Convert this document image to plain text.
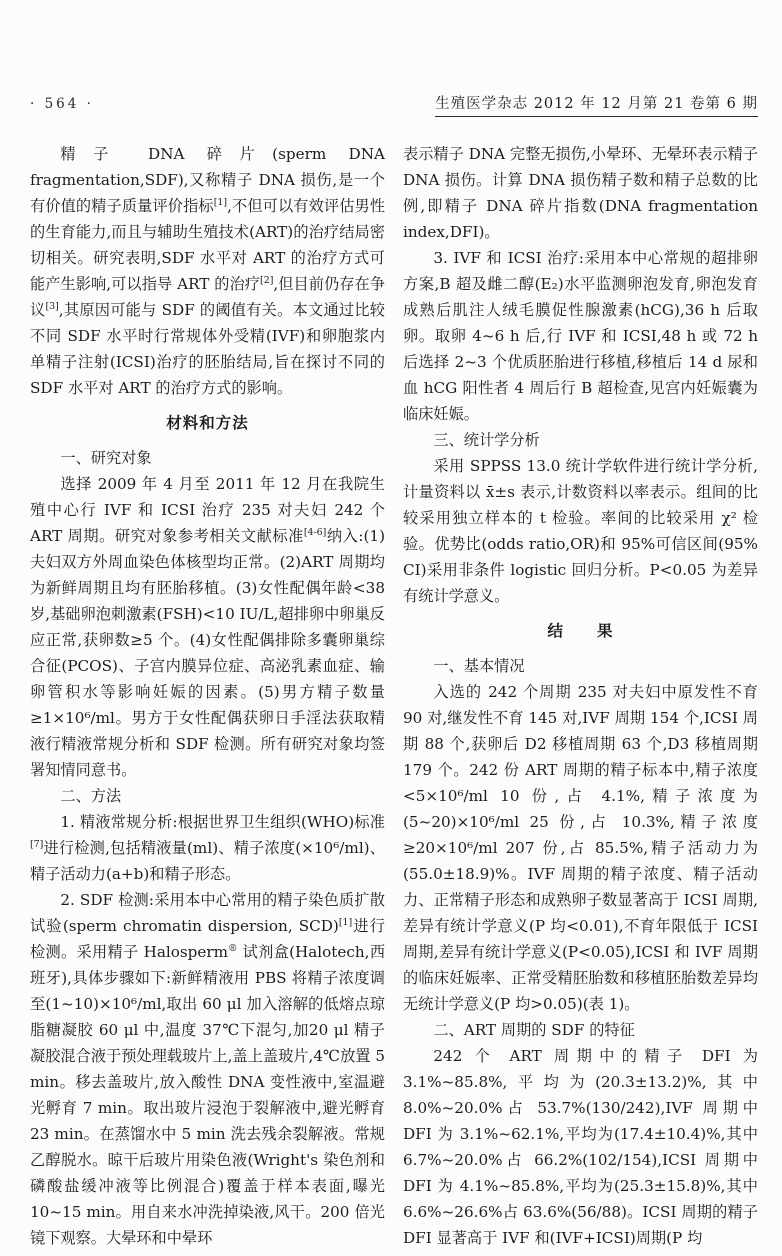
· 564 ·	生殖医学杂志 2012 年 12 月第 21 卷第 6 期

精子 DNA 碎片(sperm DNA fragmentation,SDF),又称精子 DNA 损伤,是一个有价值的精子质量评价指标[1],不但可以有效评估男性的生育能力,而且与辅助生殖技术(ART)的治疗结局密切相关。研究表明,SDF 水平对 ART 的治疗方式可能产生影响,可以指导 ART 的治疗[2],但目前仍存在争议[3],其原因可能与 SDF 的阈值有关。本文通过比较不同 SDF 水平时行常规体外受精(IVF)和卵胞浆内单精子注射(ICSI)治疗的胚胎结局,旨在探讨不同的 SDF 水平对 ART 的治疗方式的影响。

材料和方法

一、研究对象

选择 2009 年 4 月至 2011 年 12 月在我院生殖中心行 IVF 和 ICSI 治疗 235 对夫妇 242 个 ART 周期。研究对象参考相关文献标准[4-6]纳入:(1)夫妇双方外周血染色体核型均正常。(2)ART 周期均为新鲜周期且均有胚胎移植。(3)女性配偶年龄<38 岁,基础卵泡刺激素(FSH)<10 IU/L,超排卵中卵巢反应正常,获卵数≥5 个。(4)女性配偶排除多囊卵巢综合征(PCOS)、子宫内膜异位症、高泌乳素血症、输卵管积水等影响妊娠的因素。(5)男方精子数量≥1×10⁶/ml。男方于女性配偶获卵日手淫法获取精液行精液常规分析和 SDF 检测。所有研究对象均签署知情同意书。

二、方法

1. 精液常规分析:根据世界卫生组织(WHO)标准[7]进行检测,包括精液量(ml)、精子浓度(×10⁶/ml)、精子活动力(a+b)和精子形态。

2. SDF 检测:采用本中心常用的精子染色质扩散试验(sperm chromatin dispersion, SCD)[1]进行检测。采用精子 Halosperm® 试剂盒(Halotech,西班牙),具体步骤如下:新鲜精液用 PBS 将精子浓度调至(1~10)×10⁶/ml,取出 60 μl 加入溶解的低熔点琼脂糖凝胶 60 μl 中,温度 37℃下混匀,加20 μl 精子凝胶混合液于预处理载玻片上,盖上盖玻片,4℃放置 5 min。移去盖玻片,放入酸性 DNA 变性液中,室温避光孵育 7 min。取出玻片浸泡于裂解液中,避光孵育 23 min。在蒸馏水中 5 min 洗去残余裂解液。常规乙醇脱水。晾干后玻片用染色液(Wright's 染色剂和磷酸盐缓冲液等比例混合)覆盖于样本表面,曝光 10~15 min。用自来水冲洗掉染液,风干。200 倍光镜下观察。大晕环和中晕环

表示精子 DNA 完整无损伤,小晕环、无晕环表示精子 DNA 损伤。计算 DNA 损伤精子数和精子总数的比例,即精子 DNA 碎片指数(DNA fragmentation index,DFI)。

3. IVF 和 ICSI 治疗:采用本中心常规的超排卵方案,B 超及雌二醇(E₂)水平监测卵泡发育,卵泡发育成熟后肌注人绒毛膜促性腺激素(hCG),36 h 后取卵。取卵 4~6 h 后,行 IVF 和 ICSI,48 h 或 72 h后选择 2~3 个优质胚胎进行移植,移植后 14 d 尿和血 hCG 阳性者 4 周后行 B 超检查,见宫内妊娠囊为临床妊娠。

三、统计学分析

采用 SPPSS 13.0 统计学软件进行统计学分析,计量资料以 x̄±s 表示,计数资料以率表示。组间的比较采用独立样本的 t 检验。率间的比较采用 χ² 检验。优势比(odds ratio,OR)和 95%可信区间(95% CI)采用非条件 logistic 回归分析。P<0.05 为差异有统计学意义。

结　　果

一、基本情况

入选的 242 个周期 235 对夫妇中原发性不育 90 对,继发性不育 145 对,IVF 周期 154 个,ICSI 周期 88 个,获卵后 D2 移植周期 63 个,D3 移植周期 179 个。242 份 ART 周期的精子标本中,精子浓度<5×10⁶/ml 10 份,占 4.1%,精子浓度为(5~20)×10⁶/ml 25 份,占 10.3%,精子浓度≥20×10⁶/ml 207 份,占 85.5%,精子活动力为(55.0±18.9)%。IVF 周期的精子浓度、精子活动力、正常精子形态和成熟卵子数显著高于 ICSI 周期,差异有统计学意义(P 均<0.01),不育年限低于 ICSI 周期,差异有统计学意义(P<0.05),ICSI 和 IVF 周期的临床妊娠率、正常受精胚胎数和移植胚胎数差异均无统计学意义(P 均>0.05)(表 1)。

二、ART 周期的 SDF 的特征

242 个 ART 周期中的精子 DFI 为 3.1%~85.8%,平均为(20.3±13.2)%,其中 8.0%~20.0%占 53.7%(130/242),IVF 周期中 DFI 为 3.1%~62.1%,平均为(17.4±10.4)%,其中 6.7%~20.0%占 66.2%(102/154),ICSI 周期中 DFI 为 4.1%~85.8%,平均为(25.3±15.8)%,其中 6.6%~26.6%占 63.6%(56/88)。ICSI 周期的精子 DFI 显著高于 IVF 和(IVF+ICSI)周期(P 均
